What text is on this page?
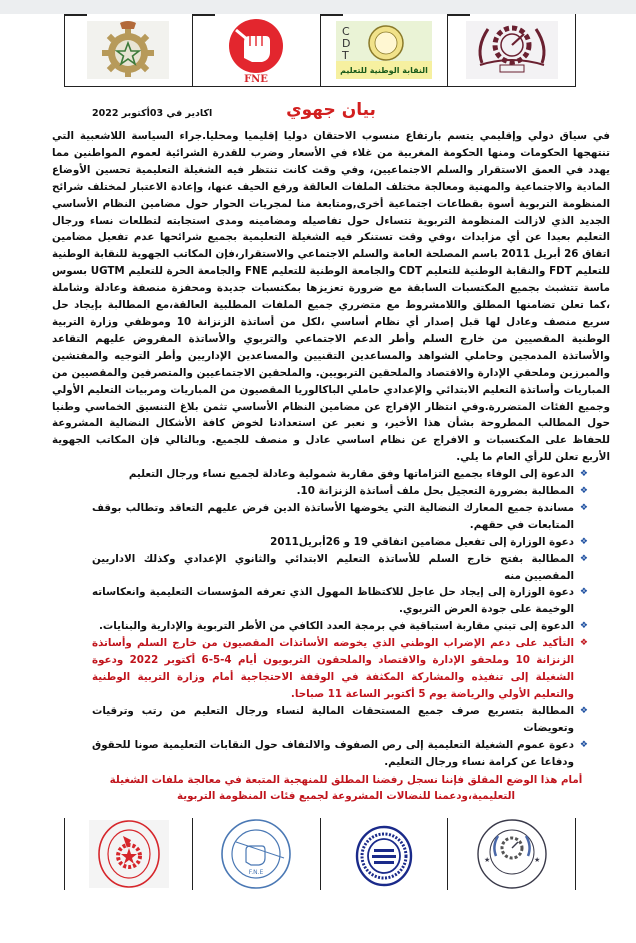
FNE
C
D
T
النقابة الوطنية للتعليم
بيان جهوي
اكادير في 03أكتوبر 2022

في سياق دولي وإقليمي يتسم بارتفاع منسوب الاحتقان دوليا إقليميا ومحليا.جراء السياسة اللاشعبية التي تنتهجها الحكومات ومنها الحكومة المغربية من غلاء في الأسعار وضرب للقدرة الشرائية لعموم المواطنين مما يهدد في العمق الاستقرار والسلم الاجتماعيين، وفي وقت كانت تنتظر فيه الشغيلة التعليمية تحسين الأوضاع المادية والاجتماعية والمهنية ومعالجة مختلف الملفات العالقة ورفع الحيف عنها، وإعادة الاعتبار لمختلف شرائح المنظومة التربوية أسوة بقطاعات اجتماعية أخرى,ومتابعة منا لمجريات الحوار حول مضامين النظام الأساسي الجديد الذي لازالت المنظومة التربوية تتساءل حول تفاصيله ومضامينه ومدى استجابته لتطلعات نساء ورجال التعليم بعيدا عن أي مزايدات ،وفي وقت تستنكر فيه الشغيلة التعليمية بجميع شرائحها عدم تفعيل مضامين اتفاق 26 أبريل 2011 باسم المصلحة العامة والسلم الاجتماعي والاستقرار،فإن المكاتب الجهوية للنقابة الوطنية للتعليم FDT والنقابة الوطنية للتعليم CDT والجامعة الوطنية للتعليم FNE والجامعة الحرة للتعليم UGTM بسوس ماسة تتشبث بجميع المكتسبات السابقة مع ضرورة تعزيزها بمكتسبات جديدة ومحفزة منصفة وعادلة وشاملة ،كما تعلن تضامنها المطلق واللامشروط مع متضرري جميع الملفات المطلبية العالقة،مع المطالبة بإيجاد حل سريع منصف وعادل لها قبل إصدار أي نظام أساسي ،لكل من أساتذة الزنزانة 10 وموظفي وزارة التربية الوطنية المقصيين من خارج السلم وأطر الدعم الاجتماعي والتربوي والأساتذة المفروض عليهم التقاعد والأساتذة المدمجين وحاملي الشواهد والمساعدين التقنيين والمساعدين الإداريين وأطر التوجيه والمفتشين والمبرزين وملحقي الإدارة والاقتصاد والملحقين التربويين. والملحقين الاجتماعيين والمتصرفين والمقصيين من المباريات وأساتذة التعليم الابتدائي والإعدادي حاملي الباكالوريا المقصيون من المباريات ومربيات التعليم الأولي وجميع الفئات المتضررة.وفي انتظار الإفراج عن مضامين النظام الأساسي تثمن بلاغ التنسيق الخماسي وطنيا حول المطالب المطروحة بشأن هذا الأخير، و نعبر عن استعدادنا لخوض كافة الأشكال النضالية المشروعة للحفاظ على المكتسبات و الافراج عن نظام اساسي عادل و منصف للجميع. وبالتالي فإن المكاتب الجهوية الأربع تعلن للرأي العام ما يلي.

❖
الدعوة إلى الوفاء بجميع التزاماتها وفق مقاربة شمولية وعادلة لجميع نساء ورجال التعليم
❖
المطالبة بضرورة التعجيل بحل ملف أساتذة الزنزانة 10.
❖
مساندة جميع المعارك النضالية التي يخوضها الأساتذة الدين فرض عليهم التعاقد وتطالب بوقف المتابعات في حقهم.
❖
دعوة الوزارة إلى تفعيل مضامين اتفاقي 19 و 26أبريل2011
❖
المطالبة بفتح خارج السلم للأساتذة التعليم الابتدائي والثانوي الإعدادي وكذلك الاداريين المقصيين منه
❖
دعوة الوزارة إلى إيجاد حل عاجل للاكتظاظ المهول الذي تعرفه المؤسسات التعليمية وانعكاساته الوخيمة على جودة العرض التربوي.
❖
الدعوة إلى تبني مقاربة استباقية في برمجة العدد الكافي من الأطر التربوية والإدارية والبنايات.
❖
التأكيد على دعم الإضراب الوطني الذي يخوضه الأساتذات المقصيون من خارج السلم وأساتذة الزنزانة 10 وملحقو الإدارة والاقتصاد والملحقون التربويون أيام 4-5-6 أكتوبر 2022 ودعوة الشغيلة إلى تنفيذه والمشاركة المكثفة في الوقفة الاحتجاجية أمام وزارة التربية الوطنية والتعليم الأولي والرياضة يوم 5 أكتوبر الساعة 11 صباحا.
❖
المطالبة بتسريع صرف جميع المستحقات المالية لنساء ورجال التعليم من رتب وترقيات وتعويضات
❖
دعوة عموم الشغيلة التعليمية إلى رص الصفوف والالتفاف حول النقابات التعليمية صونا للحقوق ودفاعا عن كرامة نساء ورجال التعليم.

أمام هذا الوضع المقلق فإننا نسجل رفضنا المطلق للمنهجية المتبعة في معالجة ملفات الشغيلة التعليمية،ودعمنا للنضالات المشروعة لجميع فئات المنظومة التربوية

F.N.E
★	★
